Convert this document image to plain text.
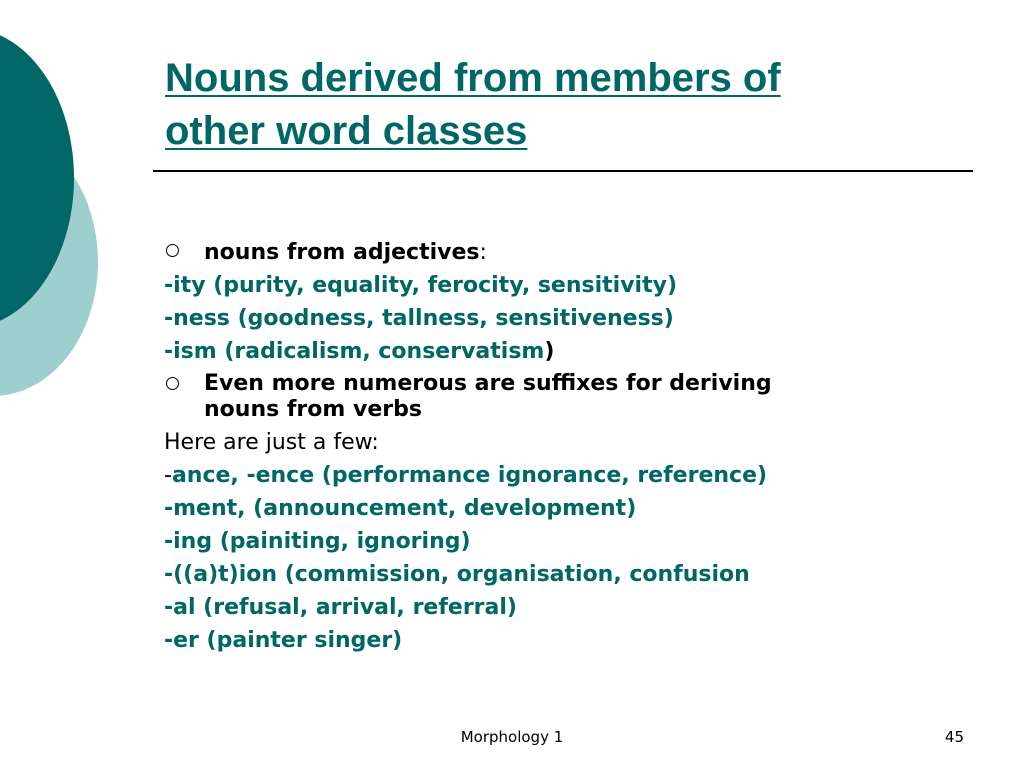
Nouns derived from members of
other word classes
nouns from adjectives:
-ity (purity, equality, ferocity, sensitivity)
-ness (goodness, tallness, sensitiveness)
-ism (radicalism, conservatism)
Even more numerous are suffixes for deriving
nouns from verbs
Here are just a few:
-ance, -ence (performance ignorance, reference)
-ment, (announcement, development)
-ing (painiting, ignoring)
-((a)t)ion (commission, organisation, confusion
-al (refusal, arrival, referral)
-er (painter singer)
Morphology 1	45
